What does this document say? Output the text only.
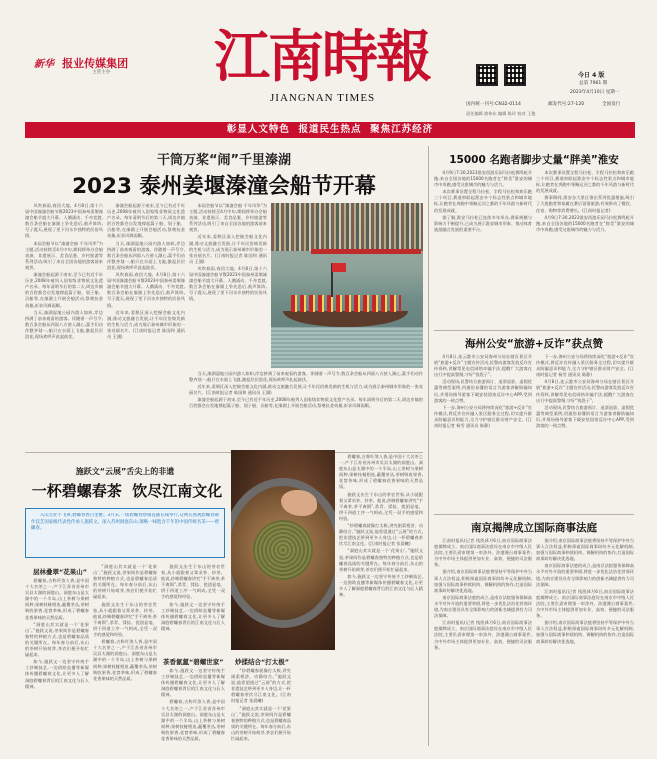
新华 报业传媒集团
主管主办 江南時報
JIANGNAN TIMES
今日 4 版
总第 7961 期
2023年4月10日 星期一
国内统一刊号:CN32-0114	邮发代号:27-120	全国发行
责任编辑 俞伟东 编辑 陈玲 校对 王俊
彰显人文特色  报道民生热点  聚焦江苏经济
干筒万桨“闹”千里溱湖
2023 泰州姜堰溱潼会船节开幕

风吹春雨,春回大地。4月8日,第十六届中国溱潼会船节暨2023中国泰州姜堰溱潼会船节盛大开幕。人潮涌动、千舟竞渡,数百条会船在溱湖上争先恐后,鼓声阵阵,号子震天,展现了里下河水乡独特的民俗风情。

本届会船节以“溱潼会船 千年风华”为主题,活动持续至4月中旬,期间将举办会船表演、非遗展示、美食品鉴、乡村旅游等系列活动,吸引了来自全国各地的游客前来观赏。

溱潼会船起源于南宋,至今已有近千年历史,2008年被列入国家级非物质文化遗产名录。每年清明节后的第二天,周边乡镇的百姓都会自发地撑起篙子船、划子船、贡船等,在溱湖上开展会船活动,祭奠抗金英雄,祈求风调雨顺。

当天,溱湖湿地公园内游人如织,岸边挤满了前来观看的游客。伴随着一声号令,数百条会船从四面八方驶入湖心,篙手们动作整齐划一,船只在水面上飞驰,激起层层浪花,现场欢呼声此起彼伏。

溱潼会船起源于南宋,至今已有近千年历史,2008年被列入国家级非物质文化遗产名录。每年清明节后的第二天,周边乡镇的百姓都会自发地撑起篙子船、划子船、贡船等,在溱湖上开展会船活动,祭奠抗金英雄,祈求风调雨顺。

当天,溱湖湿地公园内游人如织,岸边挤满了前来观看的游客。伴随着一声号令,数百条会船从四面八方驶入湖心,篙手们动作整齐划一,船只在水面上飞驰,激起层层浪花,现场欢呼声此起彼伏。

风吹春雨,春回大地。4月8日,第十六届中国溱潼会船节暨2023中国泰州姜堰溱潼会船节盛大开幕。人潮涌动、千舟竞渡,数百条会船在溱湖上争先恐后,鼓声阵阵,号子震天,展现了里下河水乡独特的民俗风情。

近年来,姜堰区深入挖掘会船文化内涵,推动文旅融合发展,让千年民俗焕发新的生机与活力,成为展示泰州城市形象的一张亮丽名片。(江南时报记者 陈国和 通讯员 王涵)

本届会船节以“溱潼会船 千年风华”为主题,活动持续至4月中旬,期间将举办会船表演、非遗展示、美食品鉴、乡村旅游等系列活动,吸引了来自全国各地的游客前来观赏。

近年来,姜堰区深入挖掘会船文化内涵,推动文旅融合发展,让千年民俗焕发新的生机与活力,成为展示泰州城市形象的一张亮丽名片。(江南时报记者 陈国和 通讯员 王涵)

风吹春雨,春回大地。4月8日,第十六届中国溱潼会船节暨2023中国泰州姜堰溱潼会船节盛大开幕。人潮涌动、千舟竞渡,数百条会船在溱湖上争先恐后,鼓声阵阵,号子震天,展现了里下河水乡独特的民俗风情。

当天,溱湖湿地公园内游人如织,岸边挤满了前来观看的游客。伴随着一声号令,数百条会船从四面八方驶入湖心,篙手们动作整齐划一,船只在水面上飞驰,激起层层浪花,现场欢呼声此起彼伏。

近年来,姜堰区深入挖掘会船文化内涵,推动文旅融合发展,让千年民俗焕发新的生机与活力,成为展示泰州城市形象的一张亮丽名片。(江南时报记者 陈国和 通讯员 王涵)

溱潼会船起源于南宋,至今已有近千年历史,2008年被列入国家级非物质文化遗产名录。每年清明节后的第二天,周边乡镇的百姓都会自发地撑起篙子船、划子船、贡船等,在溱湖上开展会船活动,祭奠抗金英雄,祈求风调雨顺。

施跃文“云展”舌尖上的非遗
一杯碧螺春茶  饮尽江南文化
入山无处不飞翠,碧螺春香百里醉。3月末,一场碧螺春炒制直播在线举行,众网友围观碧螺春制作技艺国家级代表性传承人施跃文、深入苏州洞庭东山,领略一味饱含千年的中国传统名茶——碧螺春。
层林叠翠“花果山”

碧螺春,古称吓煞人香,是中国十大名茶之一,产于江苏省苏州市吴县太湖的洞庭山。洞庭东山是太湖中的一个半岛,山上茶树与果树间种,果树枝桠相连,蔽覆茶丛,茶树吸收果香,花窨茶味,形成了碧螺春花香果味的天然品质。

“洞庭山其实就是一个‘花果山’。”施跃文说,茶果间作是碧螺春独特的种植方式,也是碧螺春品质的关键所在。每年春分前后,东山的茶树开始萌芽,茶农们便开始忙碌起来。

如今,施跃文一边坚守传统手工炒制技艺,一边借助直播等新媒体传播碧螺春文化,让更多人了解洞庭碧螺春背后的江南文化与匠人精神。

“洞庭山其实就是一个‘花果山’。”施跃文说,茶果间作是碧螺春独特的种植方式,也是碧螺春品质的关键所在。每年春分前后,东山的茶树开始萌芽,茶农们便开始忙碌起来。

施跃文出生于东山的茶农世家,从小就跟着父辈采茶、炒茶。他说,炒制碧螺春讲究“手不离茶,茶不离锅”,杀青、揉捻、搓团显毫、烘干四道工序一气呵成,全凭一双手的感觉和经验。

碧螺春,古称吓煞人香,是中国十大名茶之一,产于江苏省苏州市吴县太湖的洞庭山。洞庭东山是太湖中的一个半岛,山上茶树与果树间种,果树枝桠相连,蔽覆茶丛,茶树吸收果香,花窨茶味,形成了碧螺春花香果味的天然品质。

茶香氤氲“碧螺世家”

施跃文出生于东山的茶农世家,从小就跟着父辈采茶、炒茶。他说,炒制碧螺春讲究“手不离茶,茶不离锅”,杀青、揉捻、搓团显毫、烘干四道工序一气呵成,全凭一双手的感觉和经验。

如今,施跃文一边坚守传统手工炒制技艺,一边借助直播等新媒体传播碧螺春文化,让更多人了解洞庭碧螺春背后的江南文化与匠人精神。

如今,施跃文一边坚守传统手工炒制技艺,一边借助直播等新媒体传播碧螺春文化,让更多人了解洞庭碧螺春背后的江南文化与匠人精神。

碧螺春,古称吓煞人香,是中国十大名茶之一,产于江苏省苏州市吴县太湖的洞庭山。洞庭东山是太湖中的一个半岛,山上茶树与果树间种,果树枝桠相连,蔽覆茶丛,茶树吸收果香,花窨茶味,形成了碧螺春花香果味的天然品质。

炒揉结合“打太极”

“炒碧螺春就像打太极,讲究刚柔相济、动静结合。”施跃文说,他希望通过“云展”的方式,把非遗技艺带到更多人身边,让一杯碧螺春茶饮尽江南文化。(江南时报记者 张晨曦)

“洞庭山其实就是一个‘花果山’。”施跃文说,茶果间作是碧螺春独特的种植方式,也是碧螺春品质的关键所在。每年春分前后,东山的茶树开始萌芽,茶农们便开始忙碌起来。

碧螺春,古称吓煞人香,是中国十大名茶之一,产于江苏省苏州市吴县太湖的洞庭山。洞庭东山是太湖中的一个半岛,山上茶树与果树间种,果树枝桠相连,蔽覆茶丛,茶树吸收果香,花窨茶味,形成了碧螺春花香果味的天然品质。

施跃文出生于东山的茶农世家,从小就跟着父辈采茶、炒茶。他说,炒制碧螺春讲究“手不离茶,茶不离锅”,杀青、揉捻、搓团显毫、烘干四道工序一气呵成,全凭一双手的感觉和经验。

“炒碧螺春就像打太极,讲究刚柔相济、动静结合。”施跃文说,他希望通过“云展”的方式,把非遗技艺带到更多人身边,让一杯碧螺春茶饮尽江南文化。(江南时报记者 张晨曦)

“洞庭山其实就是一个‘花果山’。”施跃文说,茶果间作是碧螺春独特的种植方式,也是碧螺春品质的关键所在。每年春分前后,东山的茶树开始萌芽,茶农们便开始忙碌起来。

如今,施跃文一边坚守传统手工炒制技艺,一边借助直播等新媒体传播碧螺春文化,让更多人了解洞庭碧螺春背后的江南文化与匠人精神。

15000 名跑者脚步丈量“胖美”淮安

4月9日7:30,2023淮安西游乐园马拉松赛鸣枪开跑,来自全国各地的15000名跑者在“胖美”淮安的城市中奔跑,感受这座城市的魅力与活力。

本次赛事设置全程马拉松、半程马拉松和欢乐跑三个项目,赛道串联起淮安多个标志性景点和城市地标,让跑者在奔跑中领略运河之都的千年风韵与新时代的发展成就。

据了解,淮安马拉松已连续多年举办,赛事规模与影响力不断提升,已成为展示淮安城市形象、推动体育旅游融合发展的重要平台。

本次赛事设置全程马拉松、半程马拉松和欢乐跑三个项目,赛道串联起淮安多个标志性景点和城市地标,让跑者在奔跑中领略运河之都的千年风韵与新时代的发展成就。

赛事期间,淮安各大景区推出系列优惠措施,吸引了大批跑者和家属在赛后留淮旅游,有效带动了餐饮、住宿、购物等消费增长。(江南时报记者)

4月9日7:30,2023淮安西游乐园马拉松赛鸣枪开跑,来自全国各地的15000名跑者在“胖美”淮安的城市中奔跑,感受这座城市的魅力与活力。

海州公安“旅游+反诈”获点赞

4月8日,连云港市公安局海州分局在辖区景区开展“旅游+反诈”主题宣传活动,民警向游客发放反诈宣传资料,讲解常见电信网络诈骗手法,提醒广大游客在出行中提高警惕,守好“钱袋子”。

活动现场,民警结合旅游预订、退票退款、虚假优惠等典型案例,用通俗易懂的语言为游客讲解防骗知识,并现场指导游客下载安装国家反诈中心APP,受到游客的一致点赞。

下一步,海州公安分局将持续深化“旅游+反诈”宣传模式,将反诈宣传融入景区服务全过程,切实提升群众防骗意识和能力,全力守护辖区群众财产安全。(江南时报记者 杨雪 通讯员 陈静)

下一步,海州公安分局将持续深化“旅游+反诈”宣传模式,将反诈宣传融入景区服务全过程,切实提升群众防骗意识和能力,全力守护辖区群众财产安全。(江南时报记者 杨雪 通讯员 陈静)

4月8日,连云港市公安局海州分局在辖区景区开展“旅游+反诈”主题宣传活动,民警向游客发放反诈宣传资料,讲解常见电信网络诈骗手法,提醒广大游客在出行中提高警惕,守好“钱袋子”。

活动现场,民警结合旅游预订、退票退款、虚假优惠等典型案例,用通俗易懂的语言为游客讲解防骗知识,并现场指导游客下载安装国家反诈中心APP,受到游客的一致点赞。

南京揭牌成立国际商事法庭

江南时报讯(记者 钱凯)4月6日,南京国际商事法庭揭牌成立。南京国际商事法庭设在南京市中级人民法院,主要负责审理第一审涉外、涉港澳台商事案件,为中外市场主体提供更加专业、高效、便捷的司法服务。

据介绍,南京国际商事法庭将坚持平等保护中外当事人合法权益,积极探索国际商事纠纷多元化解机制,加强与国际商事仲裁机构、调解机构的协作,打造国际商事纠纷解决优选地。

南京国际商事法庭的成立,是南京法院服务保障高水平对外开放的重要举措,将进一步优化法治化营商环境,为南京建设具有全球影响力的创新名城提供有力司法保障。

江南时报讯(记者 钱凯)4月6日,南京国际商事法庭揭牌成立。南京国际商事法庭设在南京市中级人民法院,主要负责审理第一审涉外、涉港澳台商事案件,为中外市场主体提供更加专业、高效、便捷的司法服务。

据介绍,南京国际商事法庭将坚持平等保护中外当事人合法权益,积极探索国际商事纠纷多元化解机制,加强与国际商事仲裁机构、调解机构的协作,打造国际商事纠纷解决优选地。

南京国际商事法庭的成立,是南京法院服务保障高水平对外开放的重要举措,将进一步优化法治化营商环境,为南京建设具有全球影响力的创新名城提供有力司法保障。

江南时报讯(记者 钱凯)4月6日,南京国际商事法庭揭牌成立。南京国际商事法庭设在南京市中级人民法院,主要负责审理第一审涉外、涉港澳台商事案件,为中外市场主体提供更加专业、高效、便捷的司法服务。

据介绍,南京国际商事法庭将坚持平等保护中外当事人合法权益,积极探索国际商事纠纷多元化解机制,加强与国际商事仲裁机构、调解机构的协作,打造国际商事纠纷解决优选地。
